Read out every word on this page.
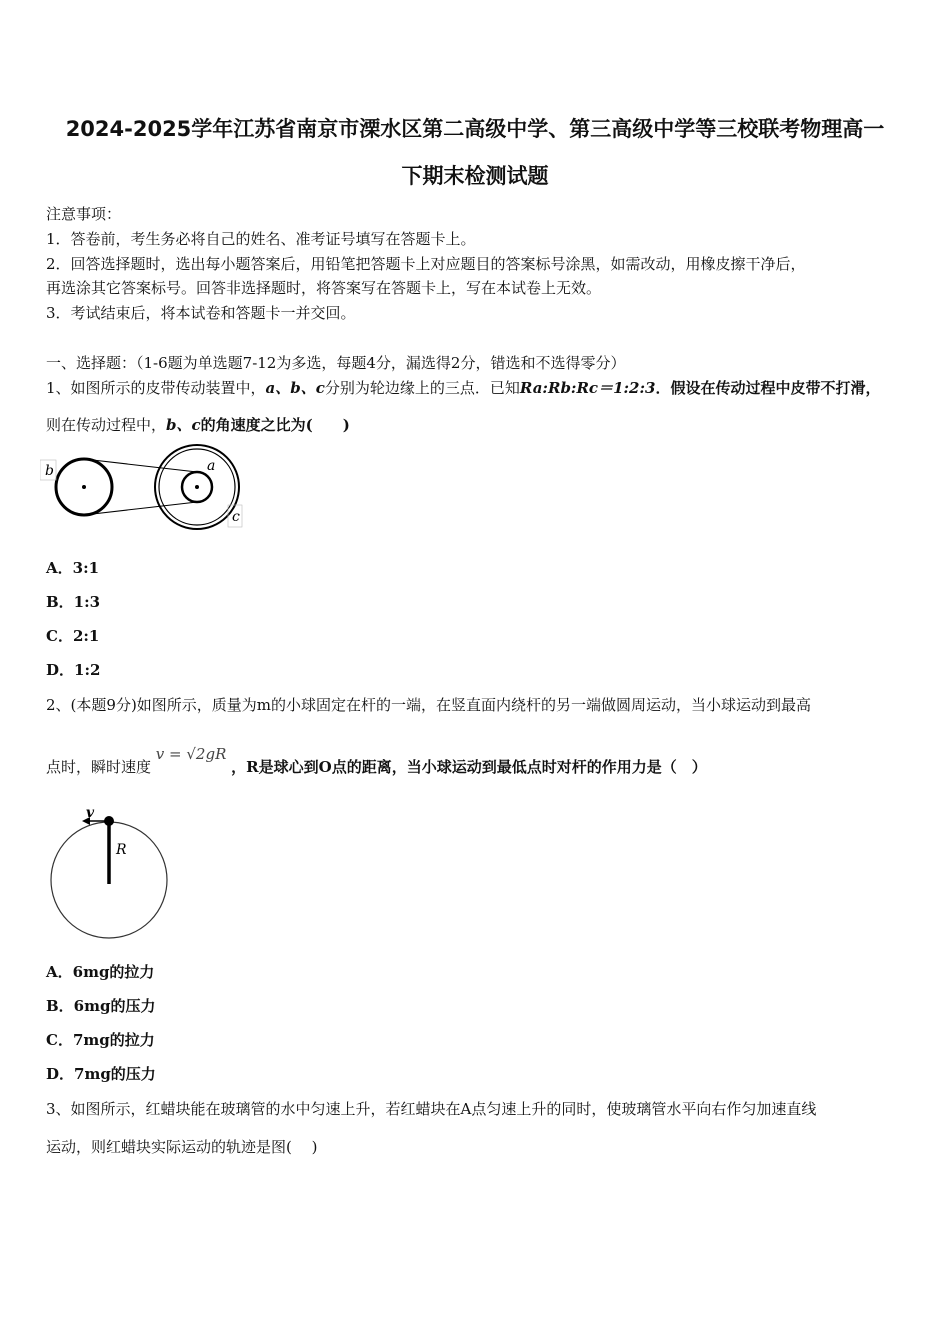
2024-2025学年江苏省南京市溧水区第二高级中学、第三高级中学等三校联考物理高一
下期末检测试题
注意事项：
1．答卷前，考生务必将自己的姓名、准考证号填写在答题卡上。
2．回答选择题时，选出每小题答案后，用铅笔把答题卡上对应题目的答案标号涂黑，如需改动，用橡皮擦干净后，
再选涂其它答案标号。回答非选择题时，将答案写在答题卡上，写在本试卷上无效。
3．考试结束后，将本试卷和答题卡一并交回。
一、选择题：（1-6题为单选题7-12为多选，每题4分，漏选得2分，错选和不选得零分）
1、如图所示的皮带传动装置中，a、b、c分别为轮边缘上的三点．已知Ra:Rb:Rc＝1:2:3．假设在传动过程中皮带不打滑，
则在传动过程中，b、c的角速度之比为(　　)
b	a
c
A．3:1
B．1:3
C．2:1
D．1:2
2、(本题9分)如图所示，质量为m的小球固定在杆的一端，在竖直面内绕杆的另一端做圆周运动，当小球运动到最高
点时，瞬时速度 v = √2gR ，R是球心到O点的距离，当小球运动到最低点时对杆的作用力是（　）
v
R
A．6mg的拉力
B．6mg的压力
C．7mg的拉力
D．7mg的压力
3、如图所示，红蜡块能在玻璃管的水中匀速上升，若红蜡块在A点匀速上升的同时，使玻璃管水平向右作匀加速直线
运动，则红蜡块实际运动的轨迹是图(　 )
